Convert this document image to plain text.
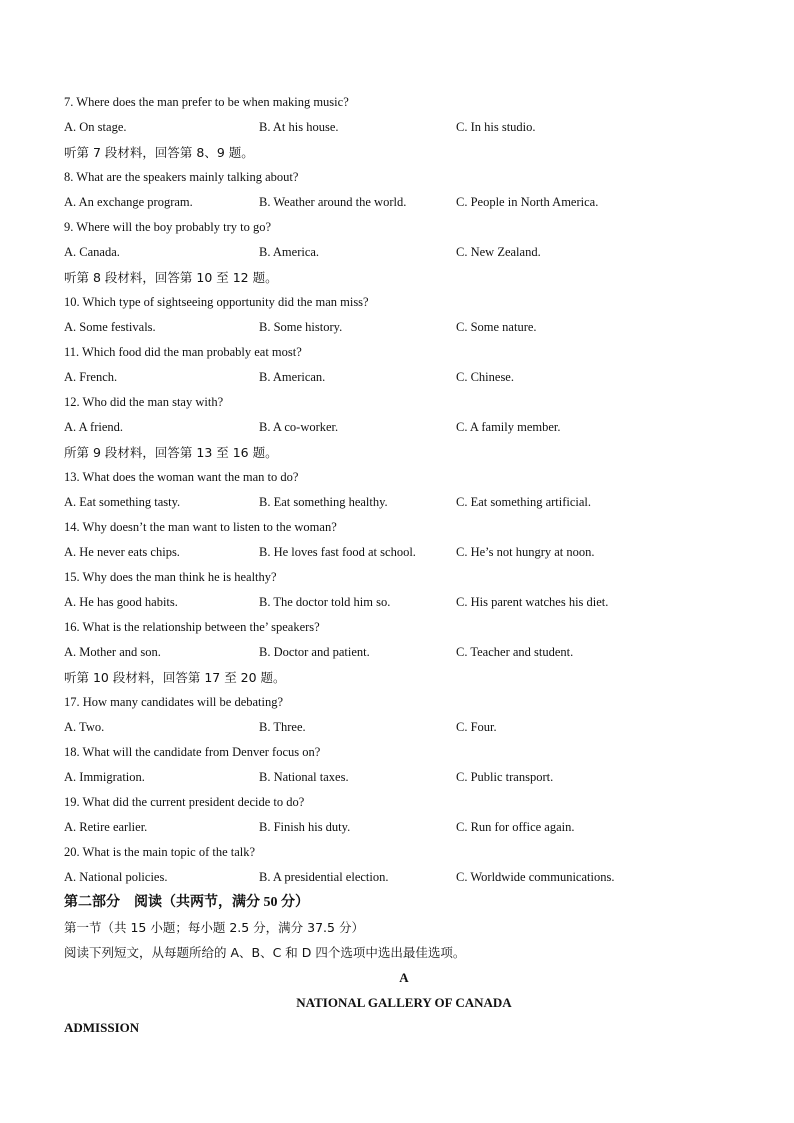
7. Where does the man prefer to be when making music?
A. On stage.	B. At his house.	C. In his studio.
听第 7 段材料，回答第 8、9 题。
8. What are the speakers mainly talking about?
A. An exchange program.	B. Weather around the world.	C. People in North America.
9. Where will the boy probably try to go?
A. Canada.	B. America.	C. New Zealand.
听第 8 段材料，回答第 10 至 12 题。
10. Which type of sightseeing opportunity did the man miss?
A. Some festivals.	B. Some history.	C. Some nature.
11. Which food did the man probably eat most?
A. French.	B. American.	C. Chinese.
12. Who did the man stay with?
A. A friend.	B. A co-worker.	C. A family member.
所第 9 段材料，回答第 13 至 16 题。
13. What does the woman want the man to do?
A. Eat something tasty.	B. Eat something healthy.	C. Eat something artificial.
14. Why doesn’t the man want to listen to the woman?
A. He never eats chips.	B. He loves fast food at school.	C. He’s not hungry at noon.
15. Why does the man think he is healthy?
A. He has good habits.	B. The doctor told him so.	C. His parent watches his diet.
16. What is the relationship between the’ speakers?
A. Mother and son.	B. Doctor and patient.	C. Teacher and student.
听第 10 段材料，回答第 17 至 20 题。
17. How many candidates will be debating?
A. Two.	B. Three.	C. Four.
18. What will the candidate from Denver focus on?
A. Immigration.	B. National taxes.	C. Public transport.
19. What did the current president decide to do?
A. Retire earlier.	B. Finish his duty.	C. Run for office again.
20. What is the main topic of the talk?
A. National policies.	B. A presidential election.	C. Worldwide communications.
第二部分　阅读（共两节，满分 50 分）
第一节（共 15 小题；每小题 2.5 分，满分 37.5 分）
阅读下列短文，从每题所给的 A、B、C 和 D 四个选项中选出最佳选项。
A
NATIONAL GALLERY OF CANADA
ADMISSION
